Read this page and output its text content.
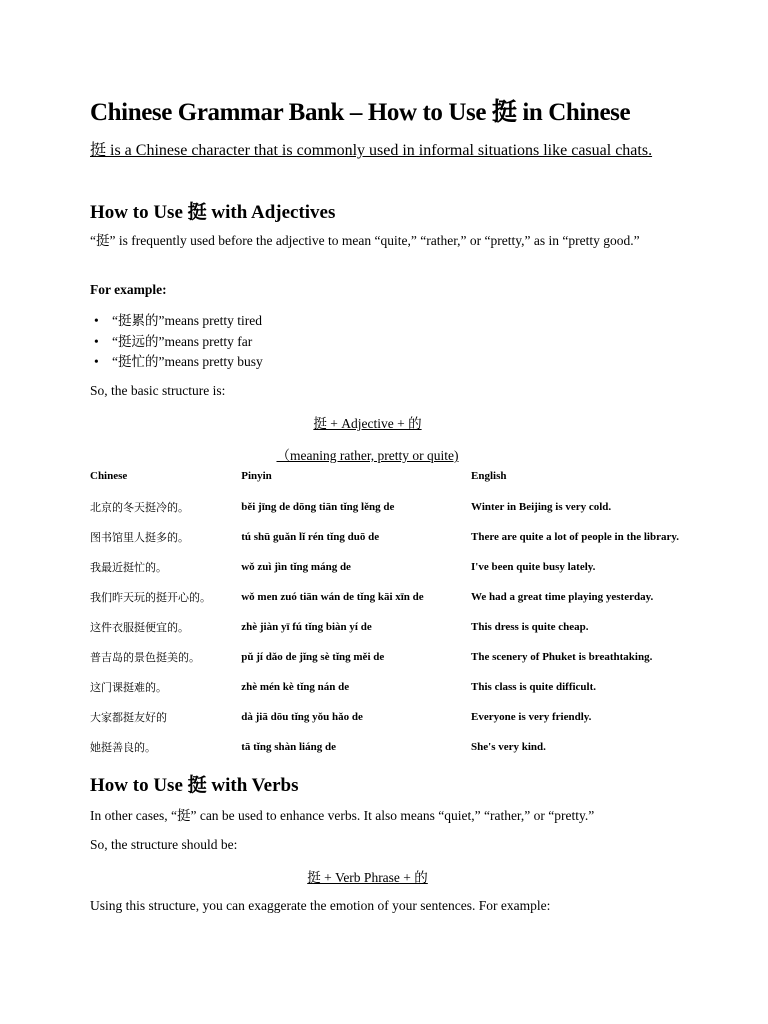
Chinese Grammar Bank – How to Use 挺 in Chinese

挺 is a Chinese character that is commonly used in informal situations like casual chats.

How to Use 挺 with Adjectives

“挺” is frequently used before the adjective to mean “quite,” “rather,” or “pretty,” as in “pretty good.”

For example:

• “挺累的”means pretty tired
• “挺远的”means pretty far
• “挺忙的”means pretty busy

So, the basic structure is:

挺 + Adjective + 的

（meaning rather, pretty or quite)

Chinese	Pinyin	English
北京的冬天挺冷的。	běi jīng de dōng tiān tǐng lěng de	Winter in Beijing is very cold.
图书馆里人挺多的。	tú shū guǎn lǐ rén tǐng duō de	There are quite a lot of people in the library.
我最近挺忙的。	wǒ zuì jìn tǐng máng de	I've been quite busy lately.
我们昨天玩的挺开心的。	wǒ men zuó tiān wán de tǐng kāi xīn de	We had a great time playing yesterday.
这件衣服挺便宜的。	zhè jiàn yī fú tǐng biàn yí de	This dress is quite cheap.
普吉岛的景色挺美的。	pǔ jí dǎo de jǐng sè tǐng měi de	The scenery of Phuket is breathtaking.
这门课挺难的。	zhè mén kè tǐng nán de	This class is quite difficult.
大家都挺友好的	dà jiā dōu tǐng yǒu hǎo de	Everyone is very friendly.
她挺善良的。	tā tǐng shàn liáng de	She's very kind.
How to Use 挺 with Verbs

In other cases, “挺” can be used to enhance verbs. It also means “quiet,” “rather,” or “pretty.”

So, the structure should be:

挺 + Verb Phrase + 的

Using this structure, you can exaggerate the emotion of your sentences. For example:
